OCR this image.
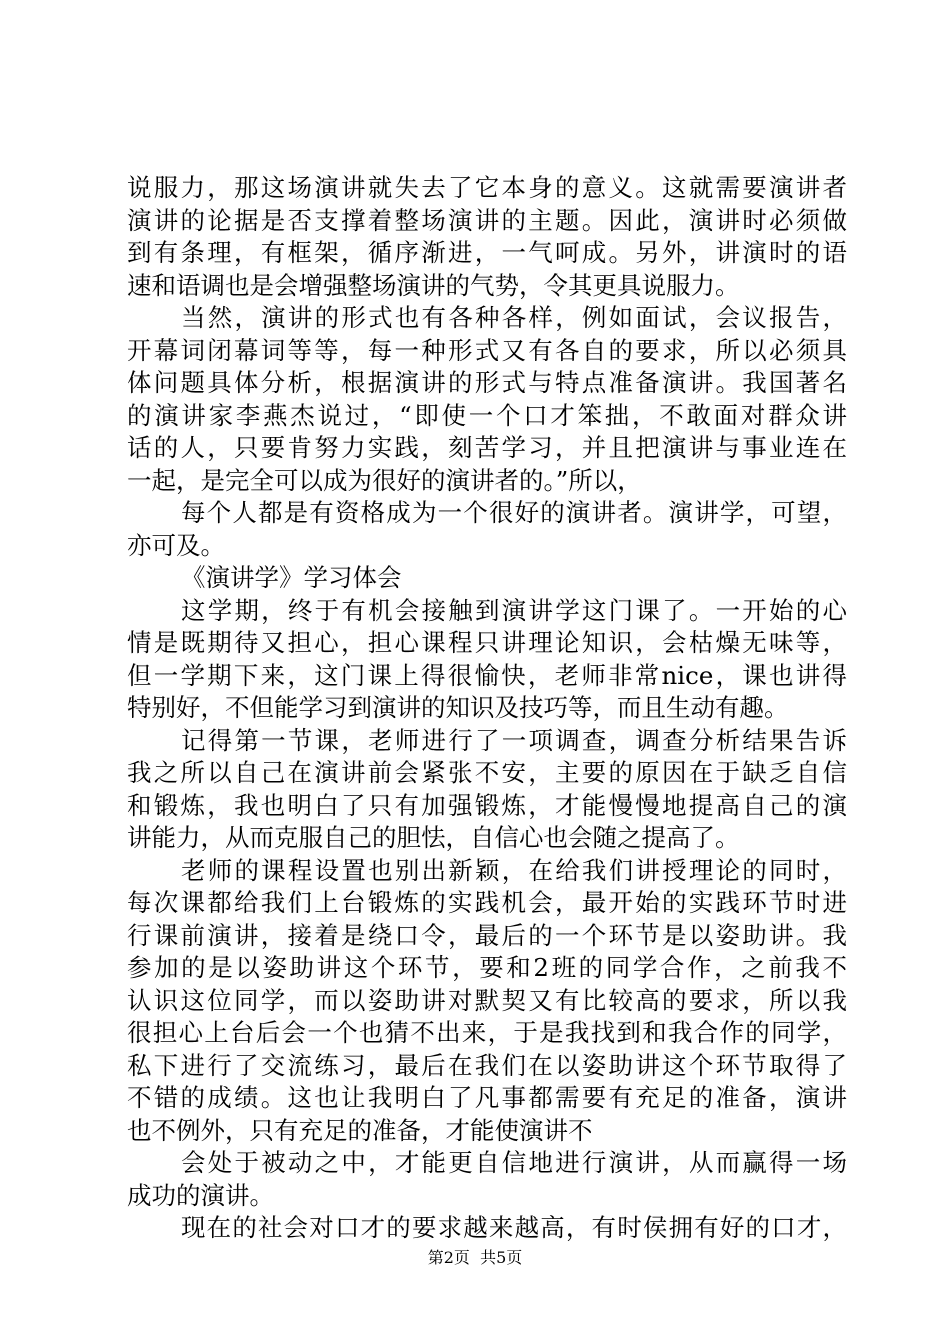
说服力，那这场演讲就失去了它本身的意义。这就需要演讲者
演讲的论据是否支撑着整场演讲的主题。因此，演讲时必须做
到有条理，有框架，循序渐进，一气呵成。另外，讲演时的语
速和语调也是会增强整场演讲的气势，令其更具说服力。
当然，演讲的形式也有各种各样，例如面试，会议报告，
开幕词闭幕词等等，每一种形式又有各自的要求，所以必须具
体问题具体分析，根据演讲的形式与特点准备演讲。我国著名
的演讲家李燕杰说过，“即使一个口才笨拙，不敢面对群众讲
话的人，只要肯努力实践，刻苦学习，并且把演讲与事业连在
一起，是完全可以成为很好的演讲者的。”所以，
每个人都是有资格成为一个很好的演讲者。演讲学，可望，
亦可及。
《演讲学》学习体会
这学期，终于有机会接触到演讲学这门课了。一开始的心
情是既期待又担心，担心课程只讲理论知识，会枯燥无味等，
但一学期下来，这门课上得很愉快，老师非常nice，课也讲得
特别好，不但能学习到演讲的知识及技巧等，而且生动有趣。
记得第一节课，老师进行了一项调查，调查分析结果告诉
我之所以自己在演讲前会紧张不安，主要的原因在于缺乏自信
和锻炼，我也明白了只有加强锻炼，才能慢慢地提高自己的演
讲能力，从而克服自己的胆怯，自信心也会随之提高了。
老师的课程设置也别出新颖，在给我们讲授理论的同时，
每次课都给我们上台锻炼的实践机会，最开始的实践环节时进
行课前演讲，接着是绕口令，最后的一个环节是以姿助讲。我
参加的是以姿助讲这个环节，要和2班的同学合作，之前我不
认识这位同学，而以姿助讲对默契又有比较高的要求，所以我
很担心上台后会一个也猜不出来，于是我找到和我合作的同学，
私下进行了交流练习，最后在我们在以姿助讲这个环节取得了
不错的成绩。这也让我明白了凡事都需要有充足的准备，演讲
也不例外，只有充足的准备，才能使演讲不
会处于被动之中，才能更自信地进行演讲，从而赢得一场
成功的演讲。
现在的社会对口才的要求越来越高，有时侯拥有好的口才，
第2页  共5页
